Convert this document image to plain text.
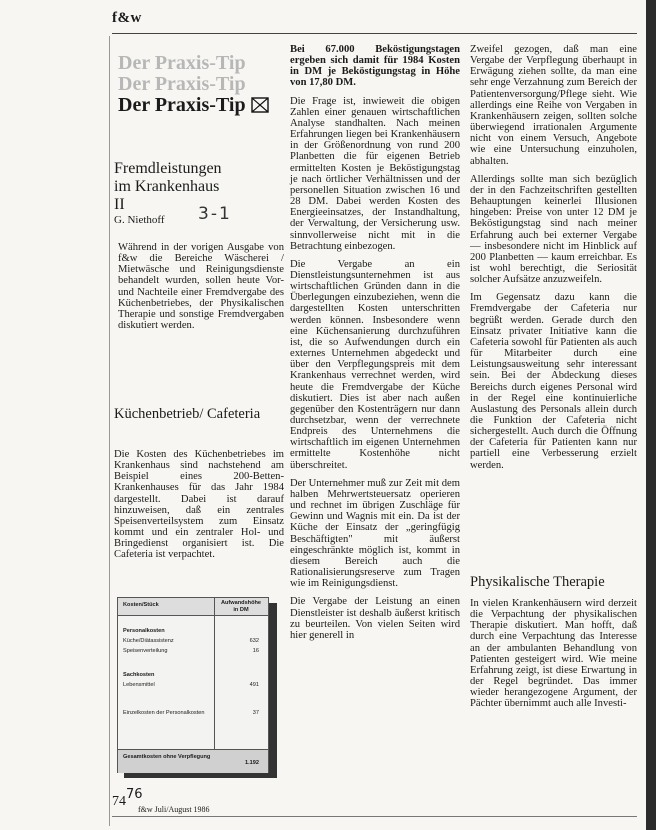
f&w
Der Praxis-Tip
Der Praxis-Tip
Der Praxis-Tip
Fremdleistungen
im Krankenhaus
II
G. Niethoff 3-1
Während in der vorigen Ausgabe von f&w die Bereiche Wäscherei / Mietwäsche und Reinigungsdienste behandelt wurden, sollen heute Vor- und Nachteile einer Fremdvergabe des Küchenbetriebes, der Physikalischen Therapie und sonstige Fremdvergaben diskutiert werden.
Küchenbetrieb/ Cafeteria
Die Kosten des Küchenbetriebes im Krankenhaus sind nachstehend am Beispiel eines 200-Betten-Krankenhauses für das Jahr 1984 dargestellt. Dabei ist darauf hinzuweisen, daß ein zentrales Speisenverteilsystem zum Einsatz kommt und ein zentraler Hol- und Bringedienst organisiert ist. Die Cafeteria ist verpachtet.
Kosten/Stück	Aufwandshöhe in DM
Personalkosten
Küche/Diätassistenz	632
Speisenverteilung	16
Sachkosten
Lebensmittel	491
Einzelkosten der Personalkosten	37
Gesamtkosten ohne Verpflegung
1.192

Bei 67.000 Beköstigungstagen ergeben sich damit für 1984 Kosten in DM je Beköstigungstag in Höhe von 17,80 DM.

Die Frage ist, inwieweit die obigen Zahlen einer genauen wirtschaftlichen Analyse standhalten. Nach meinen Erfahrungen liegen bei Krankenhäusern in der Größenordnung von rund 200 Planbetten die für eigenen Betrieb ermittelten Kosten je Beköstigungstag je nach örtlicher Verhältnissen und der personellen Situation zwischen 16 und 28 DM. Dabei werden Kosten des Energieeinsatzes, der Instandhaltung, der Verwaltung, der Versicherung usw. sinnvollerweise nicht mit in die Betrachtung einbezogen.

Die Vergabe an ein Dienstleistungsunternehmen ist aus wirtschaftlichen Gründen dann in die Überlegungen einzubeziehen, wenn die dargestellten Kosten unterschritten werden können. Insbesondere wenn eine Küchensanierung durchzuführen ist, die so Aufwendungen durch ein externes Unternehmen abgedeckt und über den Verpflegungspreis mit dem Krankenhaus verrechnet werden, wird heute die Fremdvergabe der Küche diskutiert. Dies ist aber nach außen gegenüber den Kostenträgern nur dann durchsetzbar, wenn der verrechnete Endpreis des Unternehmens die wirtschaftlich im eigenen Unternehmen ermittelte Kostenhöhe nicht überschreitet.

Der Unternehmer muß zur Zeit mit dem halben Mehrwertsteuersatz operieren und rechnet im übrigen Zuschläge für Gewinn und Wagnis mit ein. Da ist der Küche der Einsatz der „geringfügig Beschäftigten" mit äußerst eingeschränkte möglich ist, kommt in diesem Bereich auch die Rationalisierungsreserve zum Tragen wie im Reinigungsdienst.

Die Vergabe der Leistung an einen Dienstleister ist deshalb äußerst kritisch zu beurteilen. Von vielen Seiten wird hier generell in

Zweifel gezogen, daß man eine Vergabe der Verpflegung überhaupt in Erwägung ziehen sollte, da man eine sehr enge Verzahnung zum Bereich der Patientenversorgung/Pflege sieht. Wie allerdings eine Reihe von Vergaben in Krankenhäusern zeigen, sollten solche überwiegend irrationalen Argumente nicht von einem Versuch, Angebote wie eine Untersuchung einzuholen, abhalten.

Allerdings sollte man sich bezüglich der in den Fachzeitschriften gestellten Behauptungen keinerlei Illusionen hingeben: Preise von unter 12 DM je Beköstigungstag sind nach meiner Erfahrung auch bei externer Vergabe — insbesondere nicht im Hinblick auf 200 Planbetten — kaum erreichbar. Es ist wohl berechtigt, die Seriosität solcher Aufsätze anzuzweifeln.

Im Gegensatz dazu kann die Fremdvergabe der Cafeteria nur begrüßt werden. Gerade durch den Einsatz privater Initiative kann die Cafeteria sowohl für Patienten als auch für Mitarbeiter durch eine Leistungsausweitung sehr interessant sein. Bei der Abdeckung dieses Bereichs durch eigenes Personal wird in der Regel eine kontinuierliche Auslastung des Personals allein durch die Funktion der Cafeteria nicht sichergestellt. Auch durch die Öffnung der Cafeteria für Patienten kann nur partiell eine Verbesserung erzielt werden.

Physikalische Therapie
In vielen Krankenhäusern wird derzeit die Verpachtung der physikalischen Therapie diskutiert. Man hofft, daß durch eine Verpachtung das Interesse an der ambulanten Behandlung von Patienten gesteigert wird. Wie meine Erfahrung zeigt, ist diese Erwartung in der Regel begründet. Das immer wieder herangezogene Argument, der Pächter übernimmt auch alle Investi-
74 76
f&w Juli/August 1986
